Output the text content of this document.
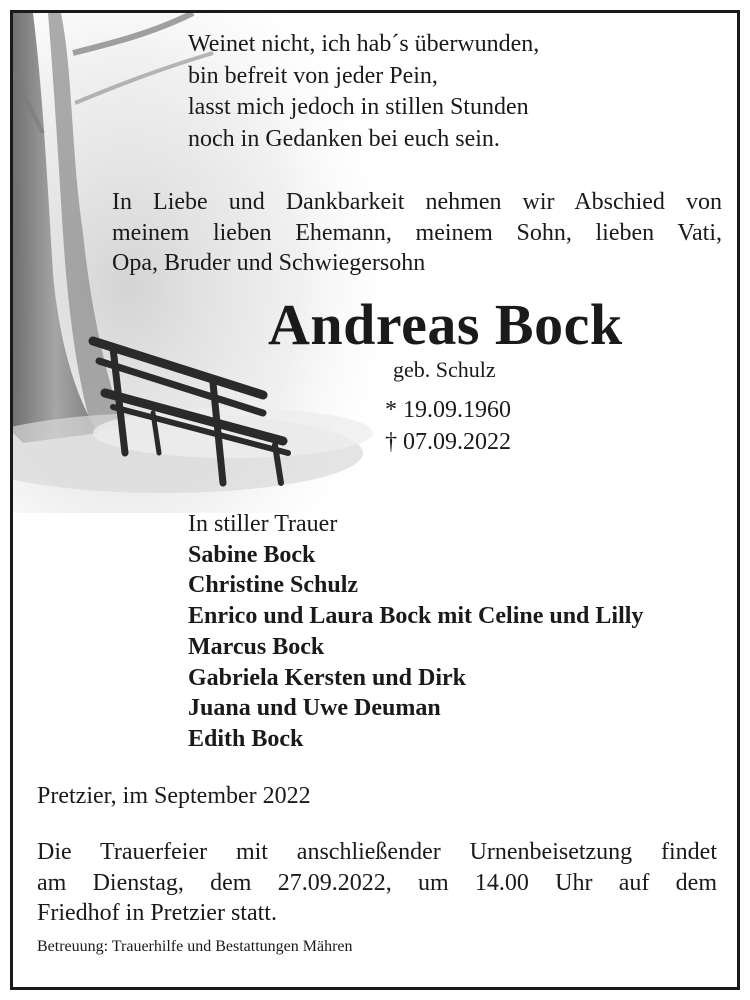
Weinet nicht, ich hab´s überwunden,
bin befreit von jeder Pein,
lasst mich jedoch in stillen Stunden
noch in Gedanken bei euch sein.
In Liebe und Dankbarkeit nehmen wir Abschied von
meinem lieben Ehemann, meinem Sohn, lieben Vati,
Opa, Bruder und Schwiegersohn
Andreas Bock
geb. Schulz
* 19.09.1960
† 07.09.2022
In stiller Trauer
Sabine Bock
Christine Schulz
Enrico und Laura Bock mit Celine und Lilly
Marcus Bock
Gabriela Kersten und Dirk
Juana und Uwe Deuman
Edith Bock
Pretzier, im September 2022
Die Trauerfeier mit anschließender Urnenbeisetzung findet
am Dienstag, dem 27.09.2022, um 14.00 Uhr auf dem
Friedhof in Pretzier statt.
Betreuung: Trauerhilfe und Bestattungen Mähren
